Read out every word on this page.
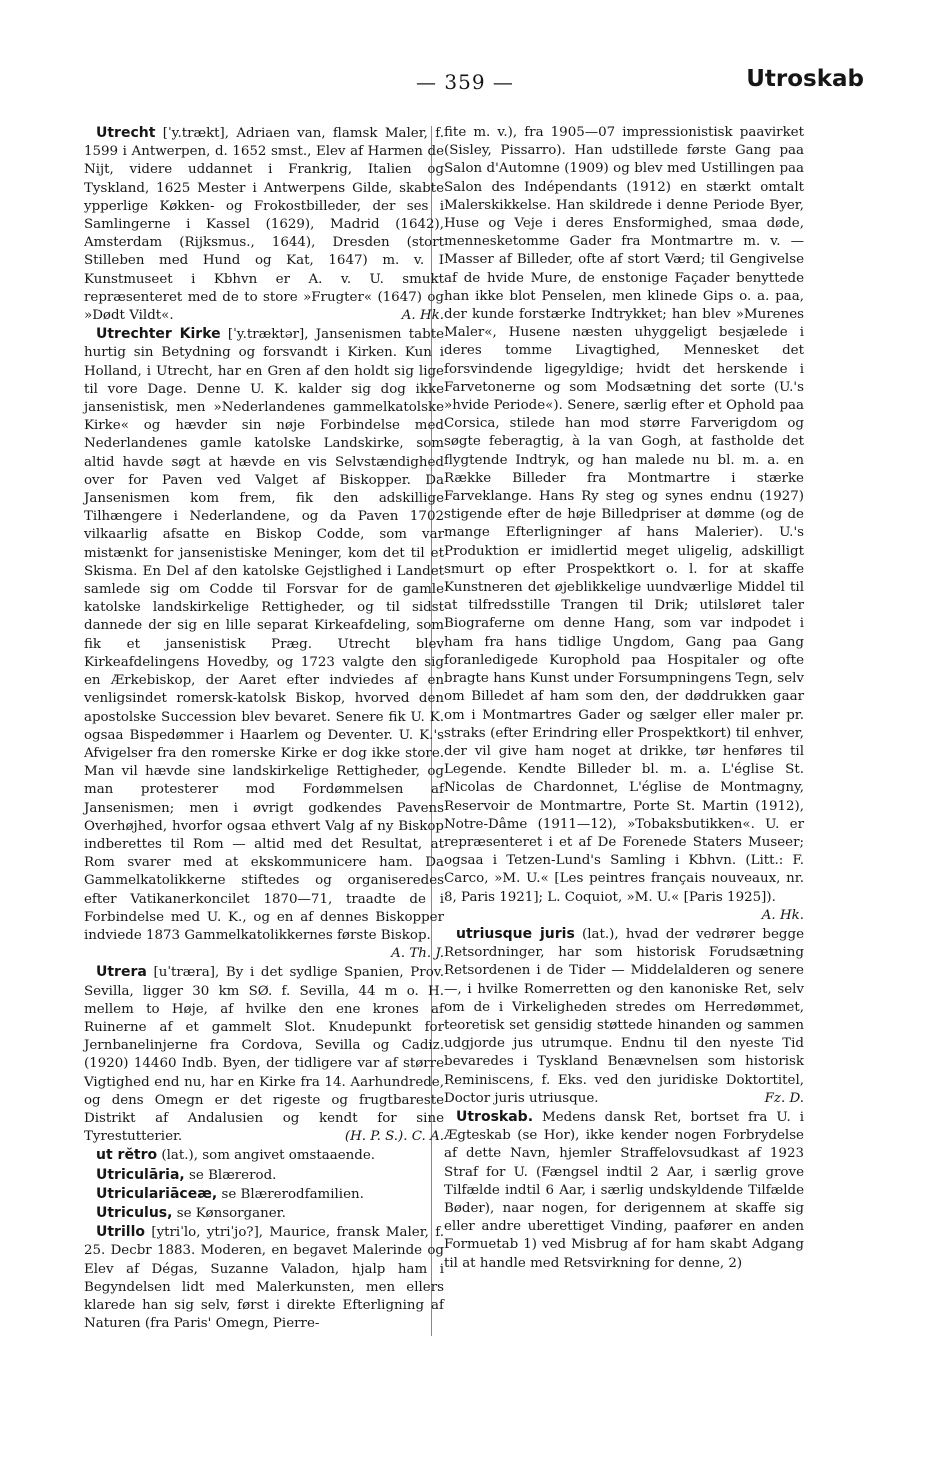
— 359 —	Utroskab

Utrecht [ˈy.trækt], Adriaen van, flamsk Maler, f. 1599 i Antwerpen, d. 1652 smst., Elev af Harmen de Nijt, videre uddannet i Frankrig, Italien og Tyskland, 1625 Mester i Antwerpens Gilde, skabte ypperlige Køkken- og Frokostbilleder, der ses i Samlingerne i Kassel (1629), Madrid (1642), Amsterdam (Rijksmus., 1644), Dresden (stort Stilleben med Hund og Kat, 1647) m. v. I Kunstmuseet i Kbhvn er A. v. U. smukt repræsenteret med de to store »Frugter« (1647) og »Dødt Vildt«.	A. Hk.

Utrechter Kirke [ˈy.træktər], Jansenismen tabte hurtig sin Betydning og forsvandt i Kirken. Kun i Holland, i Utrecht, har en Gren af den holdt sig lige til vore Dage. Denne U. K. kalder sig dog ikke jansenistisk, men »Nederlandenes gammelkatolske Kirke« og hævder sin nøje Forbindelse med Nederlandenes gamle katolske Landskirke, som altid havde søgt at hævde en vis Selvstændighed over for Paven ved Valget af Biskopper. Da Jansenismen kom frem, fik den adskillige Tilhængere i Nederlandene, og da Paven 1702 vilkaarlig afsatte en Biskop Codde, som var mistænkt for jansenistiske Meninger, kom det til et Skisma. En Del af den katolske Gejstlighed i Landet samlede sig om Codde til Forsvar for de gamle katolske landskirkelige Rettigheder, og til sidst dannede der sig en lille separat Kirkeafdeling, som fik et jansenistisk Præg. Utrecht blev Kirkeafdelingens Hovedby, og 1723 valgte den sig en Ærkebiskop, der Aaret efter indviedes af en venligsindet romersk-katolsk Biskop, hvorved den apostolske Succession blev bevaret. Senere fik U. K. ogsaa Bispedømmer i Haarlem og Deventer. U. K.'s Afvigelser fra den romerske Kirke er dog ikke store. Man vil hævde sine landskirkelige Rettigheder, og man protesterer mod Fordømmelsen af Jansenismen; men i øvrigt godkendes Pavens Overhøjhed, hvorfor ogsaa ethvert Valg af ny Biskop indberettes til Rom — altid med det Resultat, at Rom svarer med at ekskommunicere ham. Da Gammelkatolikkerne stiftedes og organiseredes efter Vatikanerkoncilet 1870—71, traadte de i Forbindelse med U. K., og en af dennes Biskopper indviede 1873 Gammelkatolikkernes første Biskop.
A. Th. J.

Utrera [uˈtræra], By i det sydlige Spanien, Prov. Sevilla, ligger 30 km SØ. f. Sevilla, 44 m o. H. mellem to Høje, af hvilke den ene krones af Ruinerne af et gammelt Slot. Knudepunkt for Jernbanelinjerne fra Cordova, Sevilla og Cadiz. (1920) 14460 Indb. Byen, der tidligere var af større Vigtighed end nu, har en Kirke fra 14. Aarhundrede, og dens Omegn er det rigeste og frugtbareste Distrikt af Andalusien og kendt for sine Tyrestutterier.	(H. P. S.). C. A.

ut rĕtro (lat.), som angivet omstaaende.

Utriculāria, se Blærerod.

Utriculariāceæ, se Blærerodfamilien.

Utriculus, se Kønsorganer.

Utrillo [ytriˈlo, ytriˈjo?], Maurice, fransk Maler, f. 25. Decbr 1883. Moderen, en begavet Malerinde og Elev af Dégas, Suzanne Valadon, hjalp ham i Begyndelsen lidt med Malerkunsten, men ellers klarede han sig selv, først i direkte Efterligning af Naturen (fra Paris' Omegn, Pierre-

fite m. v.), fra 1905—07 impressionistisk paavirket (Sisley, Pissarro). Han udstillede første Gang paa Salon d'Automne (1909) og blev med Ustillingen paa Salon des Indépendants (1912) en stærkt omtalt Malerskikkelse. Han skildrede i denne Periode Byer, Huse og Veje i deres Ensformighed, smaa døde, mennesketomme Gader fra Montmartre m. v. — Masser af Billeder, ofte af stort Værd; til Gengivelse af de hvide Mure, de enstonige Façader benyttede han ikke blot Penselen, men klinede Gips o. a. paa, der kunde forstærke Indtrykket; han blev »Murenes Maler«, Husene næsten uhyggeligt besjælede i deres tomme Livagtighed, Mennesket det forsvindende ligegyldige; hvidt det herskende i Farvetonerne og som Modsætning det sorte (U.'s »hvide Periode«). Senere, særlig efter et Ophold paa Corsica, stilede han mod større Farverigdom og søgte feberagtig, à la van Gogh, at fastholde det flygtende Indtryk, og han malede nu bl. m. a. en Række Billeder fra Montmartre i stærke Farveklange. Hans Ry steg og synes endnu (1927) stigende efter de høje Billedpriser at dømme (og de mange Efterligninger af hans Malerier). U.'s Produktion er imidlertid meget uligelig, adskilligt smurt op efter Prospektkort o. l. for at skaffe Kunstneren det øjeblikkelige uundværlige Middel til at tilfredsstille Trangen til Drik; utilsløret taler Biograferne om denne Hang, som var indpodet i ham fra hans tidlige Ungdom, Gang paa Gang foranledigede Kurophold paa Hospitaler og ofte bragte hans Kunst under Forsumpningens Tegn, selv om Billedet af ham som den, der døddrukken gaar om i Montmartres Gader og sælger eller maler pr. straks (efter Erindring eller Prospektkort) til enhver, der vil give ham noget at drikke, tør henføres til Legende. Kendte Billeder bl. m. a. L'église St. Nicolas de Chardonnet, L'église de Montmagny, Reservoir de Montmartre, Porte St. Martin (1912), Notre-Dâme (1911—12), »Tobaksbutikken«. U. er repræsenteret i et af De Forenede Staters Museer; ogsaa i Tetzen-Lund's Samling i Kbhvn. (Litt.: F. Carco, »M. U.« [Les peintres français nouveaux, nr. 8, Paris 1921]; L. Coquiot, »M. U.« [Paris 1925]).
A. Hk.

utriusque juris (lat.), hvad der vedrører begge Retsordninger, har som historisk Forudsætning Retsordenen i de Tider — Middelalderen og senere —, i hvilke Romerretten og den kanoniske Ret, selv om de i Virkeligheden stredes om Herredømmet, teoretisk set gensidig støttede hinanden og sammen udgjorde jus utrumque. Endnu til den nyeste Tid bevaredes i Tyskland Benævnelsen som historisk Reminiscens, f. Eks. ved den juridiske Doktortitel, Doctor juris utriusque.	Fz. D.

Utroskab. Medens dansk Ret, bortset fra U. i Ægteskab (se Hor), ikke kender nogen Forbrydelse af dette Navn, hjemler Straffelovsudkast af 1923 Straf for U. (Fængsel indtil 2 Aar, i særlig grove Tilfælde indtil 6 Aar, i særlig undskyldende Tilfælde Bøder), naar nogen, for derigennem at skaffe sig eller andre uberettiget Vinding, paafører en anden Formuetab 1) ved Misbrug af for ham skabt Adgang til at handle med Retsvirkning for denne, 2)
